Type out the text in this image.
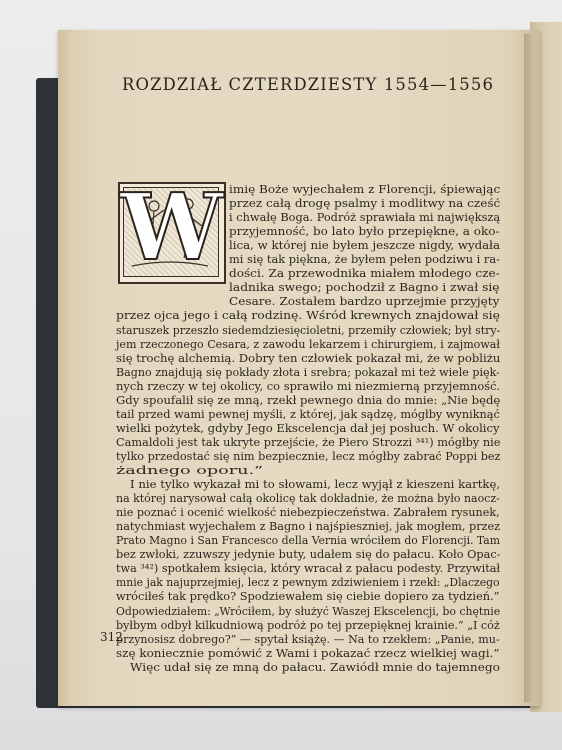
ROZDZIAŁ CZTERDZIESTY 1554—1556
W imię Boże wyjechałem z Florencji, śpiewając
przez całą drogę psalmy i modlitwy na cześć
i chwałę Boga. Podróż sprawiała mi największą
przyjemność, bo lato było przepiękne, a oko-
lica, w której nie byłem jeszcze nigdy, wydała
mi się tak piękna, że byłem pełen podziwu i ra-
dości. Za przewodnika miałem młodego cze-
ladnika swego; pochodził z Bagno i zwał się
Cesare. Zostałem bardzo uprzejmie przyjęty
przez ojca jego i całą rodzinę. Wśród krewnych znajdował się
staruszek przeszło siedemdziesięcioletni, przemiły człowiek; był stry-
jem rzeczonego Cesara, z zawodu lekarzem i chirurgiem, i zajmował
się trochę alchemią. Dobry ten człowiek pokazał mi, że w pobliżu
Bagno znajdują się pokłady złota i srebra; pokazał mi też wiele pięk-
nych rzeczy w tej okolicy, co sprawiło mi niezmierną przyjemność.
Gdy spoufalił się ze mną, rzekł pewnego dnia do mnie: „Nie będę
tail przed wami pewnej myśli, z której, jak sądzę, mógłby wyniknąć
wielki pożytek, gdyby Jego Ekscelencja dał jej posłuch. W okolicy
Camaldoli jest tak ukryte przejście, że Piero Strozzi ³⁴¹) mógłby nie
tylko przedostać się nim bezpiecznie, lecz mógłby zabrać Poppi bez
żadnego oporu.”
I nie tylko wykazał mi to słowami, lecz wyjął z kieszeni kartkę,
na której narysował całą okolicę tak dokładnie, że można było naocz-
nie poznać i ocenić wielkość niebezpieczeństwa. Zabrałem rysunek,
natychmiast wyjechałem z Bagno i najśpieszniej, jak mogłem, przez
Prato Magno i San Francesco della Vernia wróciłem do Florencji. Tam
bez zwłoki, zzuwszy jedynie buty, udałem się do pałacu. Koło Opac-
twa ³⁴²) spotkałem księcia, który wracał z pałacu podesty. Przywitał
mnie jak najuprzejmiej, lecz z pewnym zdziwieniem i rzekł: „Dlaczego
wróciłeś tak prędko? Spodziewałem się ciebie dopiero za tydzień.”
Odpowiedziałem: „Wróciłem, by służyć Waszej Ekscelencji, bo chętnie
byłbym odbył kilkudniową podróż po tej przepięknej krainie.” „I cóż
przynosisz dobrego?” — spytał książę. — Na to rzekłem: „Panie, mu-
szę koniecznie pomówić z Wami i pokazać rzecz wielkiej wagi.”
Więc udał się ze mną do pałacu. Zawiódł mnie do tajemnego
312
